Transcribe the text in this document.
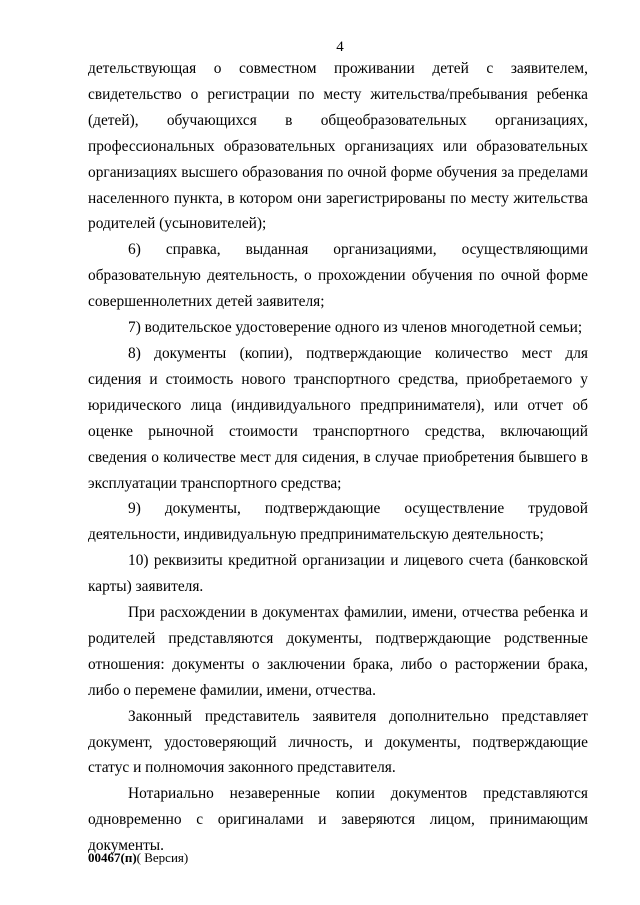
4

детельствующая о совместном проживании детей с заявителем, свидетельство о регистрации по месту жительства/пребывания ребенка (детей), обучающихся в общеобразовательных организациях, профессиональных образовательных организациях или образовательных организациях высшего образования по очной форме обучения за пределами населенного пункта, в котором они зарегистрированы по месту жительства родителей (усыновителей);

6) справка, выданная организациями, осуществляющими образовательную деятельность, о прохождении обучения по очной форме совершеннолетних детей заявителя;

7) водительское удостоверение одного из членов многодетной семьи;

8) документы (копии), подтверждающие количество мест для сидения и стоимость нового транспортного средства, приобретаемого у юридического лица (индивидуального предпринимателя), или отчет об оценке рыночной стоимости транспортного средства, включающий сведения о количестве мест для сидения, в случае приобретения бывшего в эксплуатации транспортного средства;

9) документы, подтверждающие осуществление трудовой деятельности, индивидуальную предпринимательскую деятельность;

10) реквизиты кредитной организации и лицевого счета (банковской карты) заявителя.

При расхождении в документах фамилии, имени, отчества ребенка и родителей представляются документы, подтверждающие родственные отношения: документы о заключении брака, либо о расторжении брака, либо о перемене фамилии, имени, отчества.

Законный представитель заявителя дополнительно представляет документ, удостоверяющий личность, и документы, подтверждающие статус и полномочия законного представителя.

Нотариально незаверенные копии документов представляются одновременно с оригиналами и заверяются лицом, принимающим документы.

00467(п)( Версия)
